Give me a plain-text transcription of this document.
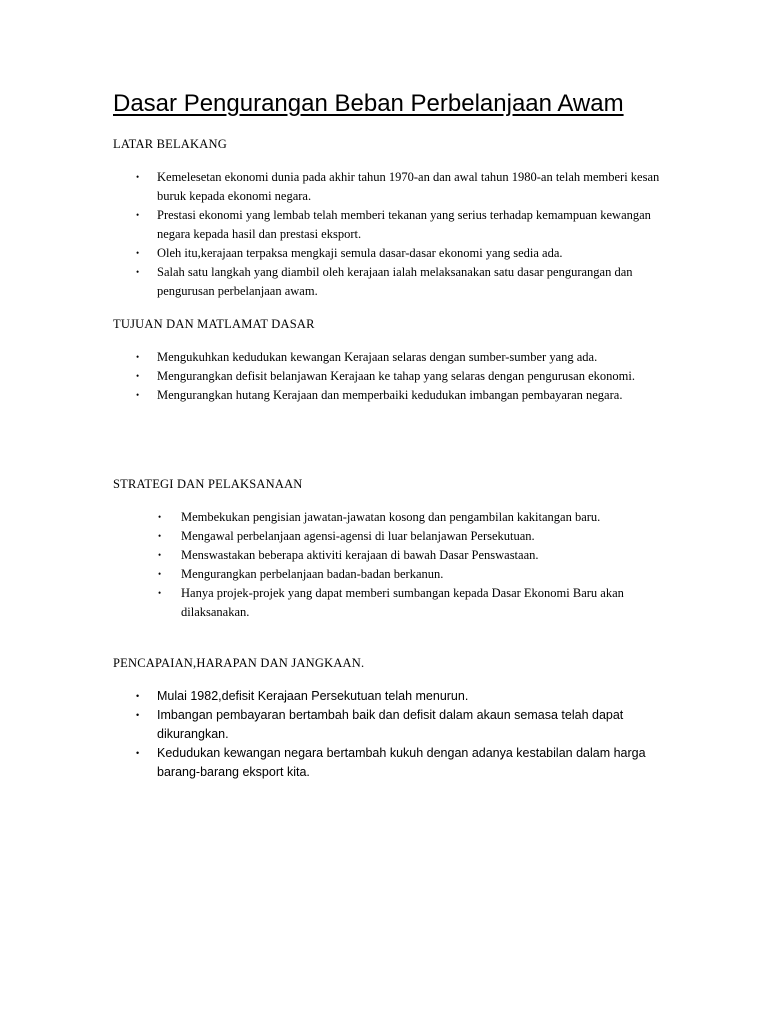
Dasar Pengurangan Beban Perbelanjaan Awam
LATAR BELAKANG
• Kemelesetan ekonomi dunia pada akhir tahun 1970-an dan awal tahun 1980-an telah memberi kesan buruk kepada ekonomi negara.
• Prestasi ekonomi yang lembab telah memberi tekanan yang serius terhadap kemampuan kewangan negara kepada hasil dan prestasi eksport.
• Oleh itu,kerajaan terpaksa mengkaji semula dasar-dasar ekonomi yang sedia ada.
• Salah satu langkah yang diambil oleh kerajaan ialah melaksanakan satu dasar pengurangan dan pengurusan perbelanjaan awam.
TUJUAN DAN MATLAMAT DASAR
• Mengukuhkan kedudukan kewangan Kerajaan selaras dengan sumber-sumber yang ada.
• Mengurangkan defisit belanjawan Kerajaan ke tahap yang selaras dengan pengurusan ekonomi.
• Mengurangkan hutang Kerajaan dan memperbaiki kedudukan imbangan pembayaran negara.
STRATEGI DAN PELAKSANAAN
• Membekukan pengisian jawatan-jawatan kosong dan pengambilan kakitangan baru.
• Mengawal perbelanjaan agensi-agensi di luar belanjawan Persekutuan.
• Menswastakan beberapa aktiviti kerajaan di bawah Dasar Penswastaan.
• Mengurangkan perbelanjaan badan-badan berkanun.
• Hanya projek-projek yang dapat memberi sumbangan kepada Dasar Ekonomi Baru akan dilaksanakan.
PENCAPAIAN,HARAPAN DAN JANGKAAN.
• Mulai 1982,defisit Kerajaan Persekutuan telah menurun.
• Imbangan pembayaran bertambah baik dan defisit dalam akaun semasa telah dapat dikurangkan.
• Kedudukan kewangan negara bertambah kukuh dengan adanya kestabilan dalam harga barang-barang eksport kita.
